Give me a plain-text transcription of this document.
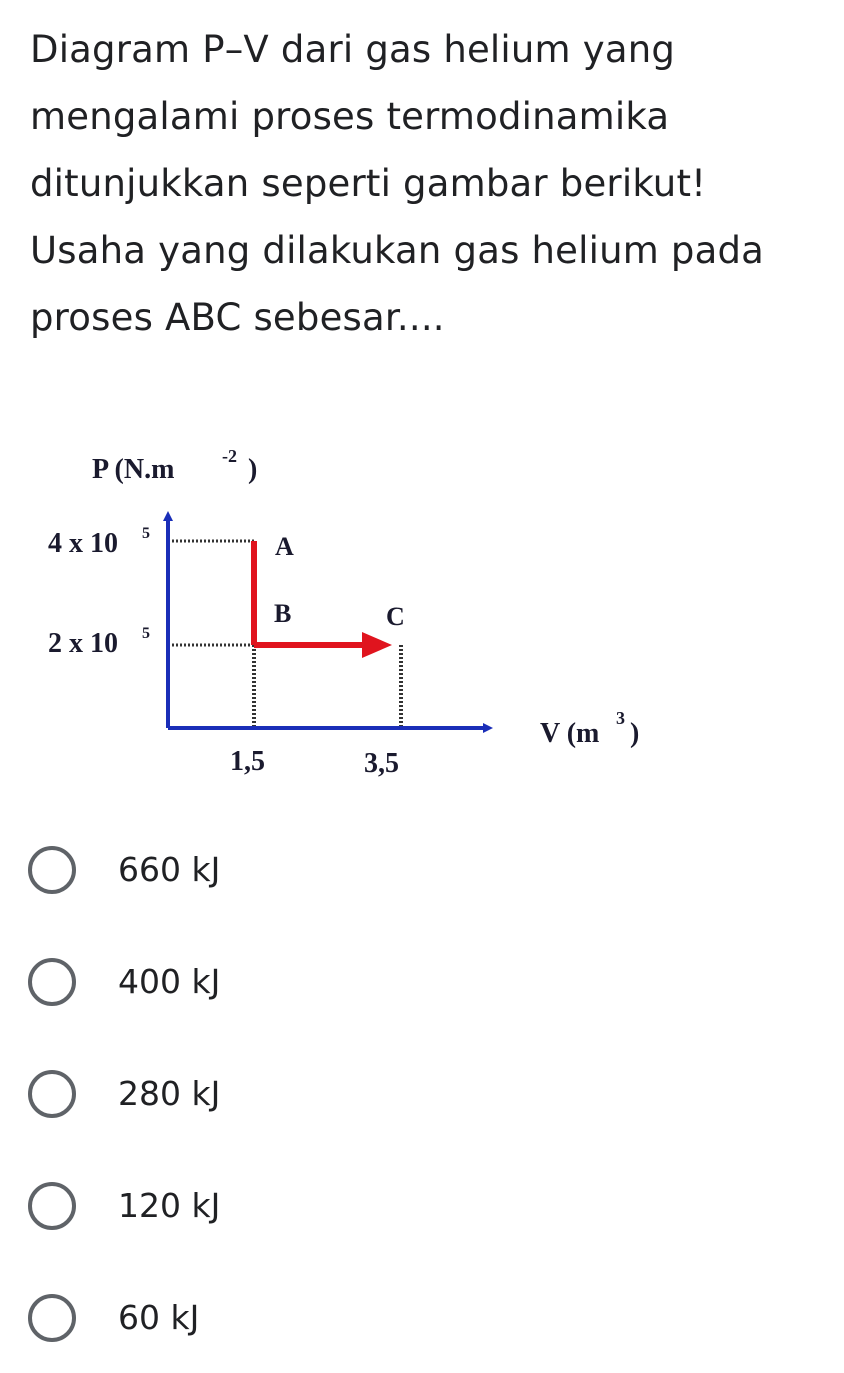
Diagram P–V dari gas helium yang
mengalami proses termodinamika
ditunjukkan seperti gambar berikut!
Usaha yang dilakukan gas helium pada
proses ABC sebesar....
P (N.m	-2 )
4 x 10 5
2 x 10 5
A
B	C
1,5	3,5
V (m 3 )
660 kJ
400 kJ
280 kJ
120 kJ
60 kJ
